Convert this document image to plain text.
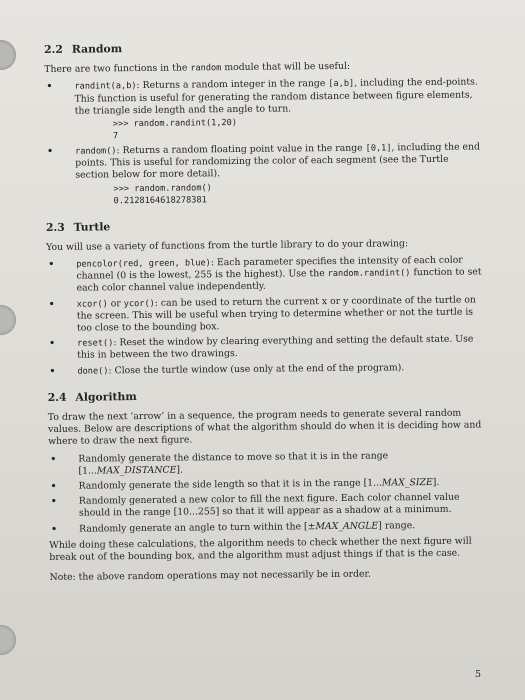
2.2 Random

There are two functions in the random module that will be useful:

•	randint(a,b): Returns a random integer in the range [a,b], including the end-points. This function is useful for generating the random distance between figure elements, the triangle side length and the angle to turn.
>>> random.randint(1,20)
7
•	random(): Returns a random floating point value in the range [0,1], including the end points. This is useful for randomizing the color of each segment (see the Turtle section below for more detail).
>>> random.random()
0.2128164618278381
2.3 Turtle

You will use a variety of functions from the turtle library to do your drawing:

•	pencolor(red, green, blue): Each parameter specifies the intensity of each color channel (0 is the lowest, 255 is the highest). Use the random.randint() function to set each color channel value independently.
•	xcor() or ycor(): can be used to return the current x or y coordinate of the turtle on the screen. This will be useful when trying to determine whether or not the turtle is too close to the bounding box.
•	reset(): Reset the window by clearing everything and setting the default state. Use this in between the two drawings.
•	done(): Close the turtle window (use only at the end of the program).
2.4 Algorithm

To draw the next ‘arrow’ in a sequence, the program needs to generate several random values. Below are descriptions of what the algorithm should do when it is deciding how and where to draw the next figure.

• Randomly generate the distance to move so that it is in the range [1...MAX_DISTANCE].
• Randomly generate the side length so that it is in the range [1...MAX_SIZE].
• Randomly generated a new color to fill the next figure. Each color channel value should in the range [10...255] so that it will appear as a shadow at a minimum.
• Randomly generate an angle to turn within the [±MAX_ANGLE] range.

While doing these calculations, the algorithm needs to check whether the next figure will break out of the bounding box, and the algorithm must adjust things if that is the case.

Note: the above random operations may not necessarily be in order.

5
